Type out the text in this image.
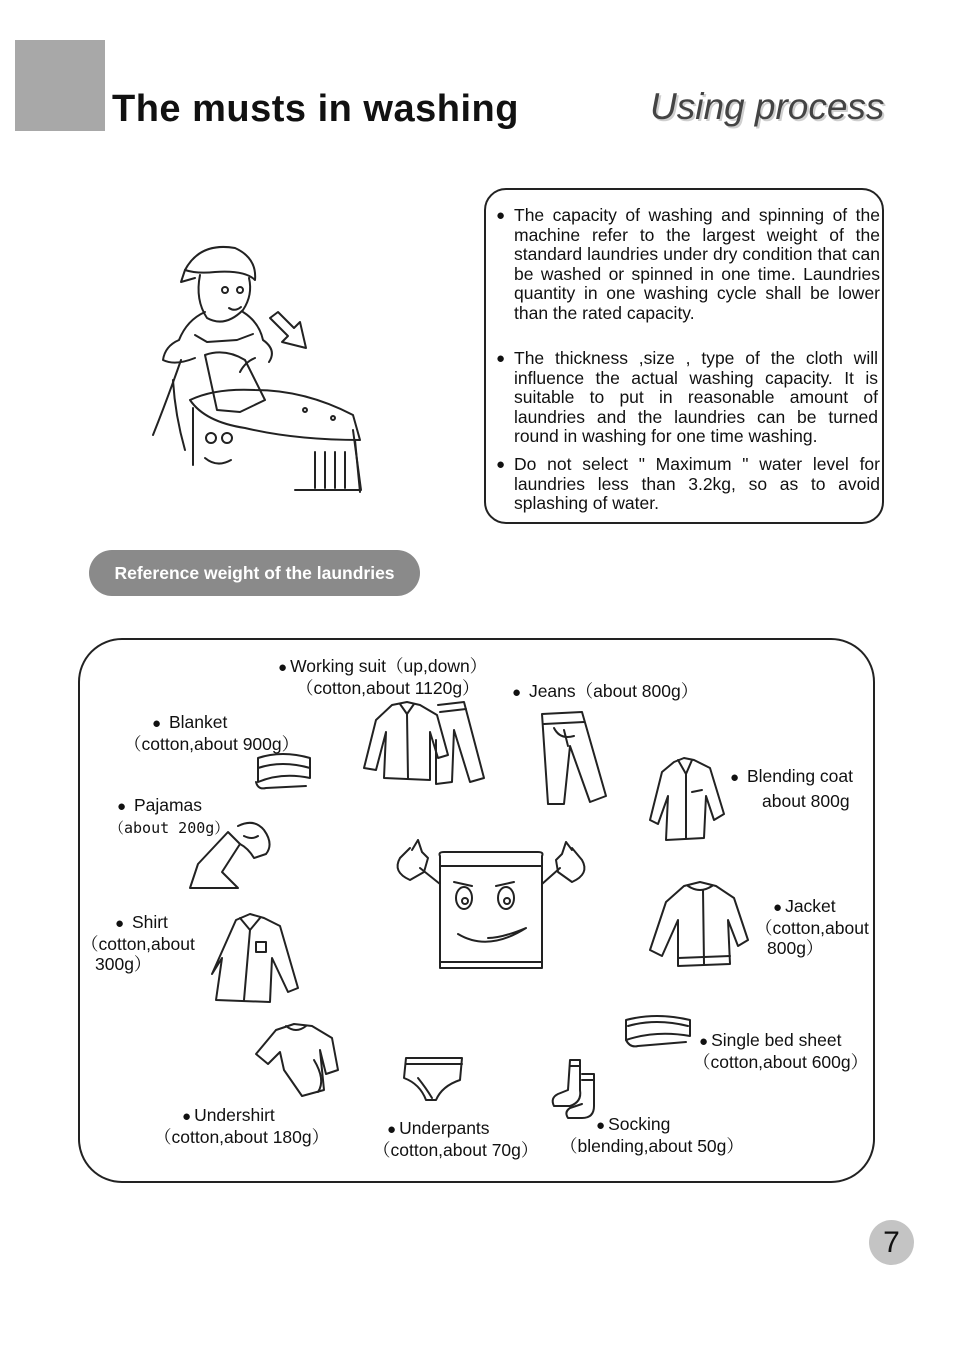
The musts in washing	Using process
● The capacity of washing and spinning of the machine refer to the largest weight of the standard laundries under dry condition that can be washed or spinned in one time. Laundries quantity in one washing cycle shall be lower than the rated capacity.
● The thickness ,size , type of the cloth will influence the actual washing capacity. It is suitable to put in reasonable amount of laundries and the laundries can be turned round in washing for one time washing.
● Do not select " Maximum " water level for laundries less than 3.2kg, so as to avoid splashing of water.
Reference weight of the laundries
● Working suit（up,down）
（cotton,about 1120g）	● Jeans（about 800g）
● Blanket
（cotton,about 900g）
● Blending coat
about 800g
● Pajamas
（about 200g）
● Jacket
（cotton,about
800g）
● Shirt
（cotton,about
300g）
● Single bed sheet
（cotton,about 600g）
● Undershirt
（cotton,about 180g）	● Underpants
（cotton,about 70g）
● Socking
（blending,about 50g）
7
